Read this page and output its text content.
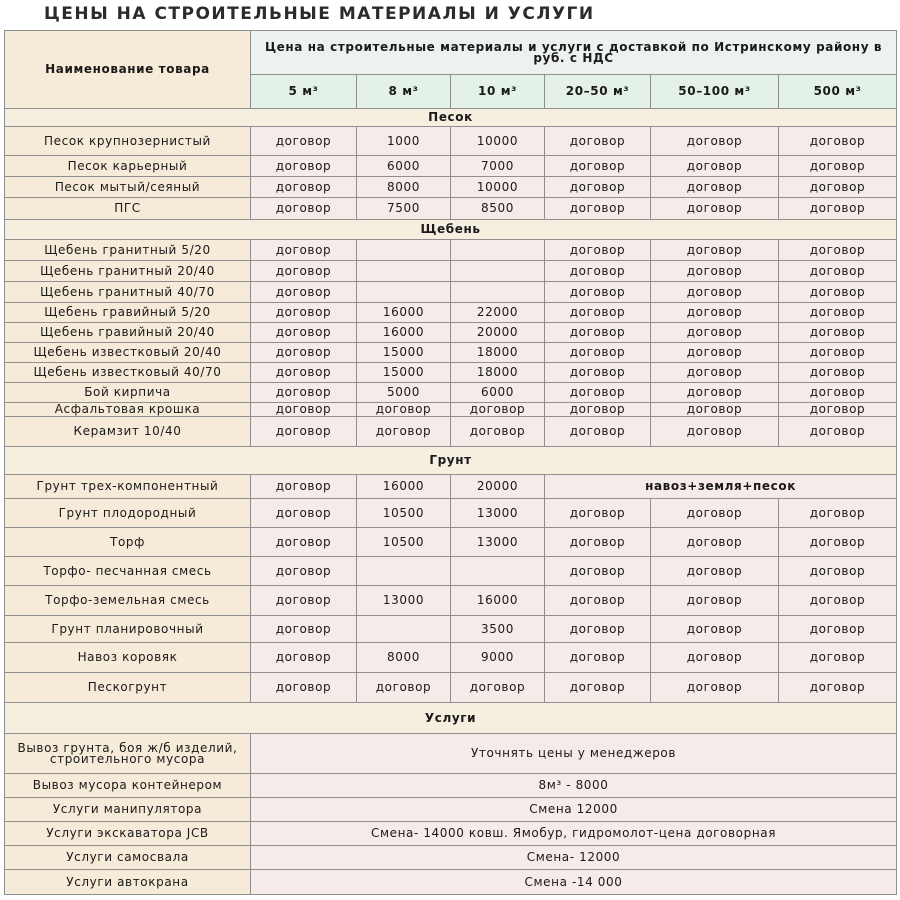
ЦЕНЫ НА СТРОИТЕЛЬНЫЕ МАТЕРИАЛЫ И УСЛУГИ
Наименование товара	Цена на строительные материалы и услуги с доставкой по Истринскому району в руб. с НДС					
	5 м³	8 м³	10 м³	20–50 м³	50–100 м³	500 м³
Песок						
Песок крупнозернистый	договор	1000	10000	договор	договор	договор
Песок карьерный	договор	6000	7000	договор	договор	договор
Песок мытый/сеяный	договор	8000	10000	договор	договор	договор
ПГС	договор	7500	8500	договор	договор	договор
Щебень						
Щебень гранитный 5/20	договор			договор	договор	договор
Щебень гранитный 20/40	договор			договор	договор	договор
Щебень гранитный 40/70	договор			договор	договор	договор
Щебень гравийный 5/20	договор	16000	22000	договор	договор	договор
Щебень гравийный 20/40	договор	16000	20000	договор	договор	договор
Щебень известковый 20/40	договор	15000	18000	договор	договор	договор
Щебень известковый 40/70	договор	15000	18000	договор	договор	договор
Бой кирпича	договор	5000	6000	договор	договор	договор
Асфальтовая крошка	договор	договор	договор	договор	договор	договор
Керамзит 10/40	договор	договор	договор	договор	договор	договор
Грунт						
Грунт трех-компонентный	договор	16000	20000	навоз+земля+песок		
Грунт плодородный	договор	10500	13000	договор	договор	договор
Торф	договор	10500	13000	договор	договор	договор
Торфо- песчанная смесь	договор			договор	договор	договор
Торфо-земельная смесь	договор	13000	16000	договор	договор	договор
Грунт планировочный	договор		3500	договор	договор	договор
Навоз коровяк	договор	8000	9000	договор	договор	договор
Пескогрунт	договор	договор	договор	договор	договор	договор
Услуги						
Вывоз грунта, боя ж/б изделий, строительного мусора	Уточнять цены у менеджеров					
Вывоз мусора контейнером	8м³ - 8000					
Услуги манипулятора	Смена 12000					
Услуги экскаватора JCB	Смена- 14000 ковш. Ямобур, гидромолот-цена договорная					
Услуги самосвала	Смена- 12000					
Услуги автокрана	Смена -14 000					
